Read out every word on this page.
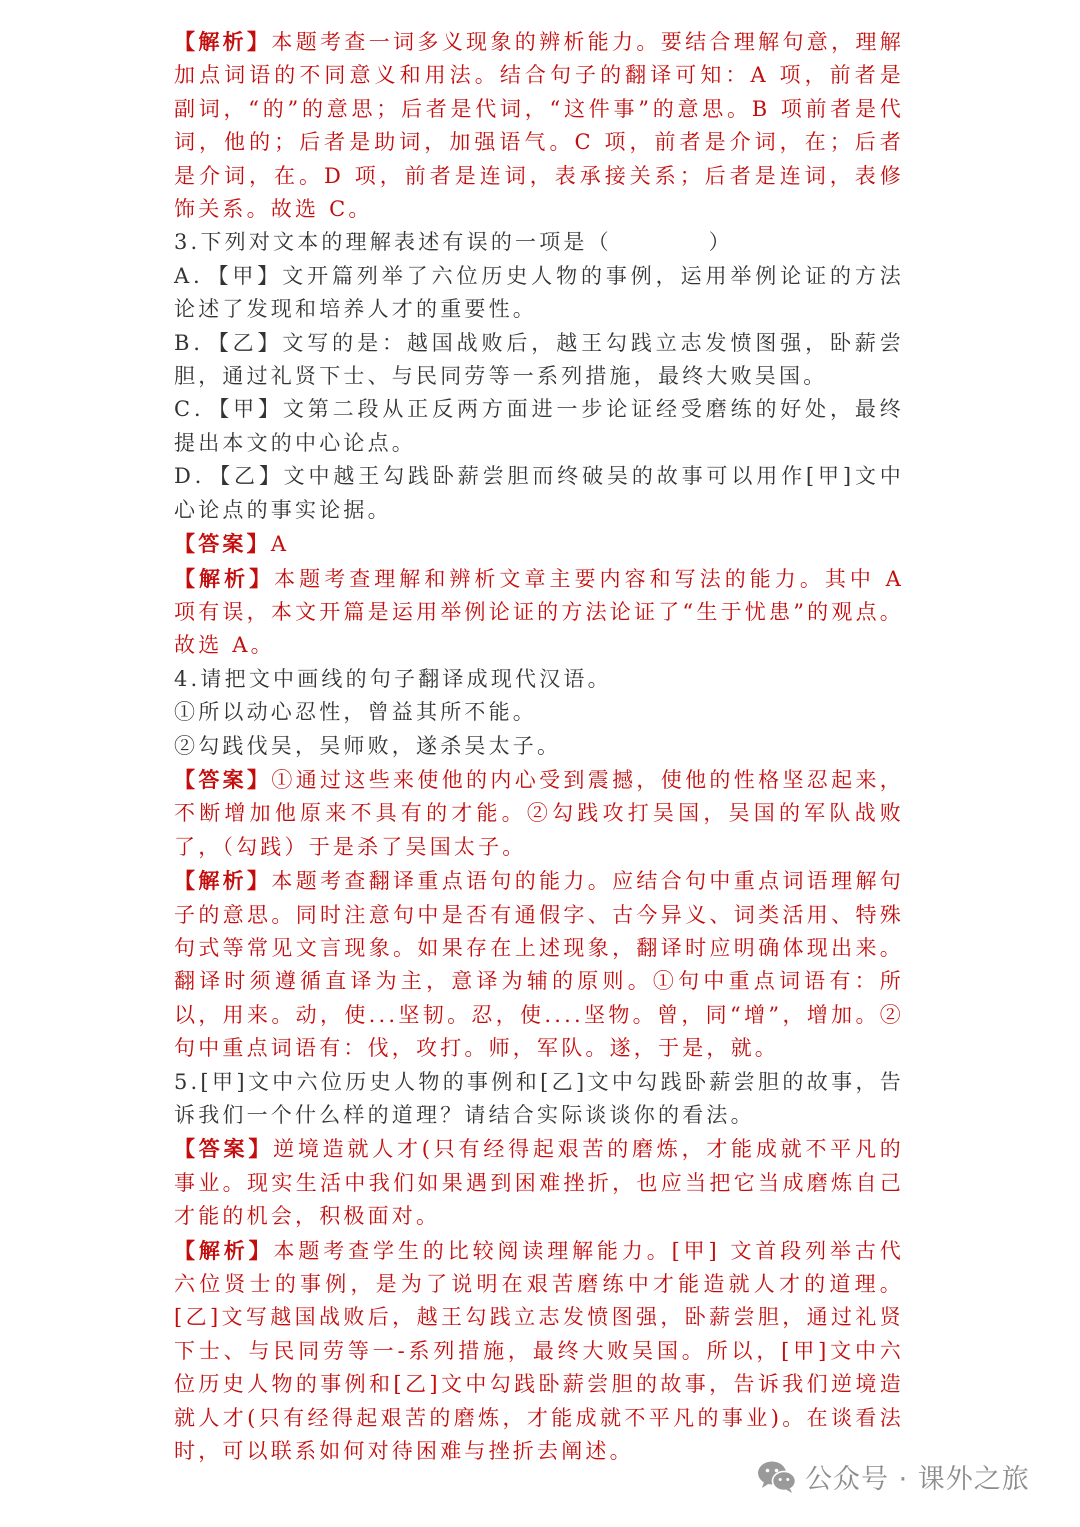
【解析】本题考查一词多义现象的辨析能力。要结合理解句意，理解加点词语的不同意义和用法。结合句子的翻译可知：A 项，前者是副词，“的”的意思；后者是代词，“这件事”的意思。B 项前者是代词，他的；后者是助词，加强语气。C 项，前者是介词，在；后者是介词，在。D 项，前者是连词，表承接关系；后者是连词，表修饰关系。故选 C。

3.下列对文本的理解表述有误的一项是（　　　　）

A．【甲】文开篇列举了六位历史人物的事例，运用举例论证的方法论述了发现和培养人才的重要性。

B．【乙】文写的是：越国战败后，越王勾践立志发愤图强，卧薪尝胆，通过礼贤下士、与民同劳等一系列措施，最终大败吴国。

C．【甲】文第二段从正反两方面进一步论证经受磨练的好处，最终提出本文的中心论点。

D．【乙】文中越王勾践卧薪尝胆而终破吴的故事可以用作[甲]文中心论点的事实论据。

【答案】A

【解析】本题考查理解和辨析文章主要内容和写法的能力。其中 A 项有误，本文开篇是运用举例论证的方法论证了“生于忧患”的观点。故选 A。

4.请把文中画线的句子翻译成现代汉语。

①所以动心忍性，曾益其所不能。

②勾践伐吴，吴师败，遂杀吴太子。

【答案】①通过这些来使他的内心受到震撼，使他的性格坚忍起来，不断增加他原来不具有的才能。②勾践攻打吴国，吴国的军队战败了，（勾践）于是杀了吴国太子。

【解析】本题考查翻译重点语句的能力。应结合句中重点词语理解句子的意思。同时注意句中是否有通假字、古今异义、词类活用、特殊句式等常见文言现象。如果存在上述现象，翻译时应明确体现出来。翻译时须遵循直译为主，意译为辅的原则。①句中重点词语有：所以，用来。动，使...坚韧。忍，使....坚物。曾，同“增”，增加。②句中重点词语有：伐，攻打。师，军队。遂，于是，就。

5.[甲]文中六位历史人物的事例和[乙]文中勾践卧薪尝胆的故事，告诉我们一个什么样的道理？请结合实际谈谈你的看法。

【答案】逆境造就人才(只有经得起艰苦的磨炼，才能成就不平凡的事业。现实生活中我们如果遇到困难挫折，也应当把它当成磨炼自己才能的机会，积极面对。

【解析】本题考查学生的比较阅读理解能力。[甲] 文首段列举古代六位贤士的事例，是为了说明在艰苦磨练中才能造就人才的道理。[乙]文写越国战败后，越王勾践立志发愤图强，卧薪尝胆，通过礼贤下士、与民同劳等一-系列措施，最终大败吴国。所以，[甲]文中六位历史人物的事例和[乙]文中勾践卧薪尝胆的故事，告诉我们逆境造就人才(只有经得起艰苦的磨炼，才能成就不平凡的事业)。在谈看法时，可以联系如何对待困难与挫折去阐述。

公众号 · 课外之旅
